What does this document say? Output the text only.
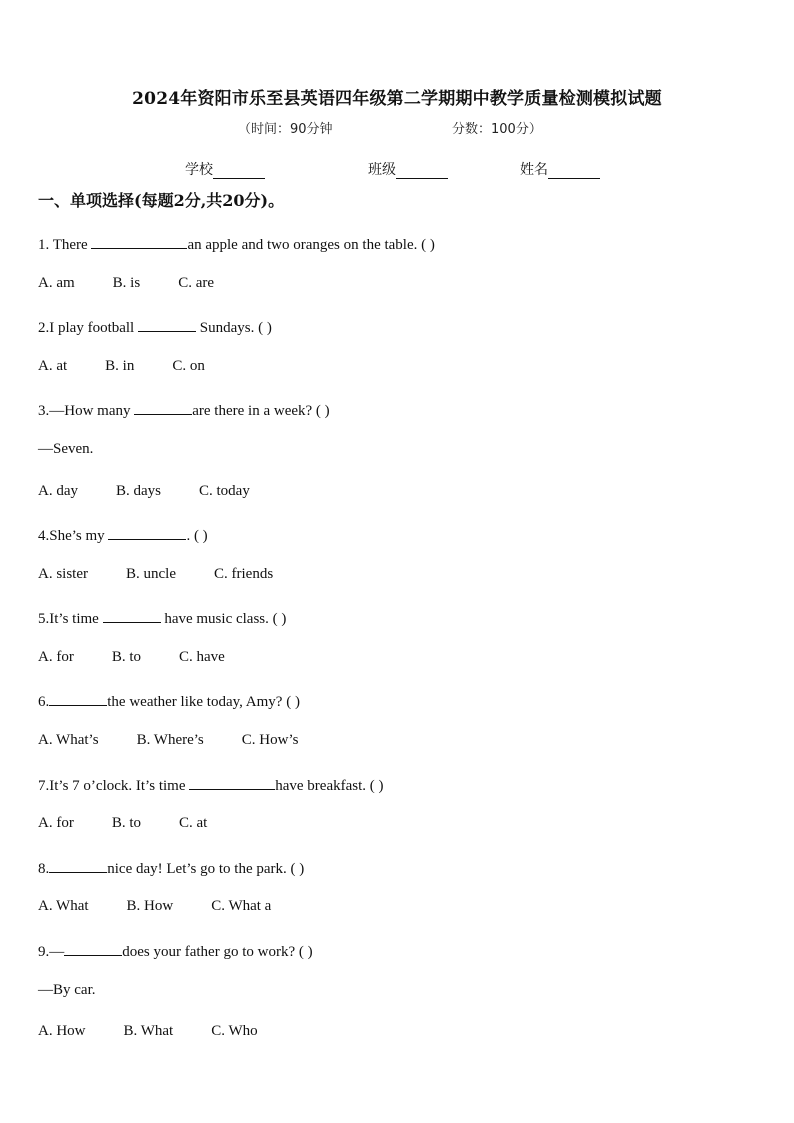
2024年资阳市乐至县英语四年级第二学期期中教学质量检测模拟试题
（时间：90分钟	分数：100分）
学校	班级	姓名
一、单项选择(每题2分,共20分)。
1. There	an apple and two oranges on the table. ( )
A. am	B. is	C. are
2.I play football	Sundays. ( )
A. at	B. in	C. on
3.—How many	are there in a week? ( )
—Seven.
A. day	B. days	C. today
4.She’s my	. ( )
A. sister	B. uncle	C. friends
5.It’s time	have music class. ( )
A. for	B. to	C. have
6.	the weather like today, Amy? ( )
A. What’s	B. Where’s	C. How’s
7.It’s 7 o’clock. It’s time	have breakfast. ( )
A. for	B. to	C. at
8.	nice day! Let’s go to the park. ( )
A. What	B. How	C. What a
9.—	does your father go to work? ( )
—By car.
A. How	B. What	C. Who
